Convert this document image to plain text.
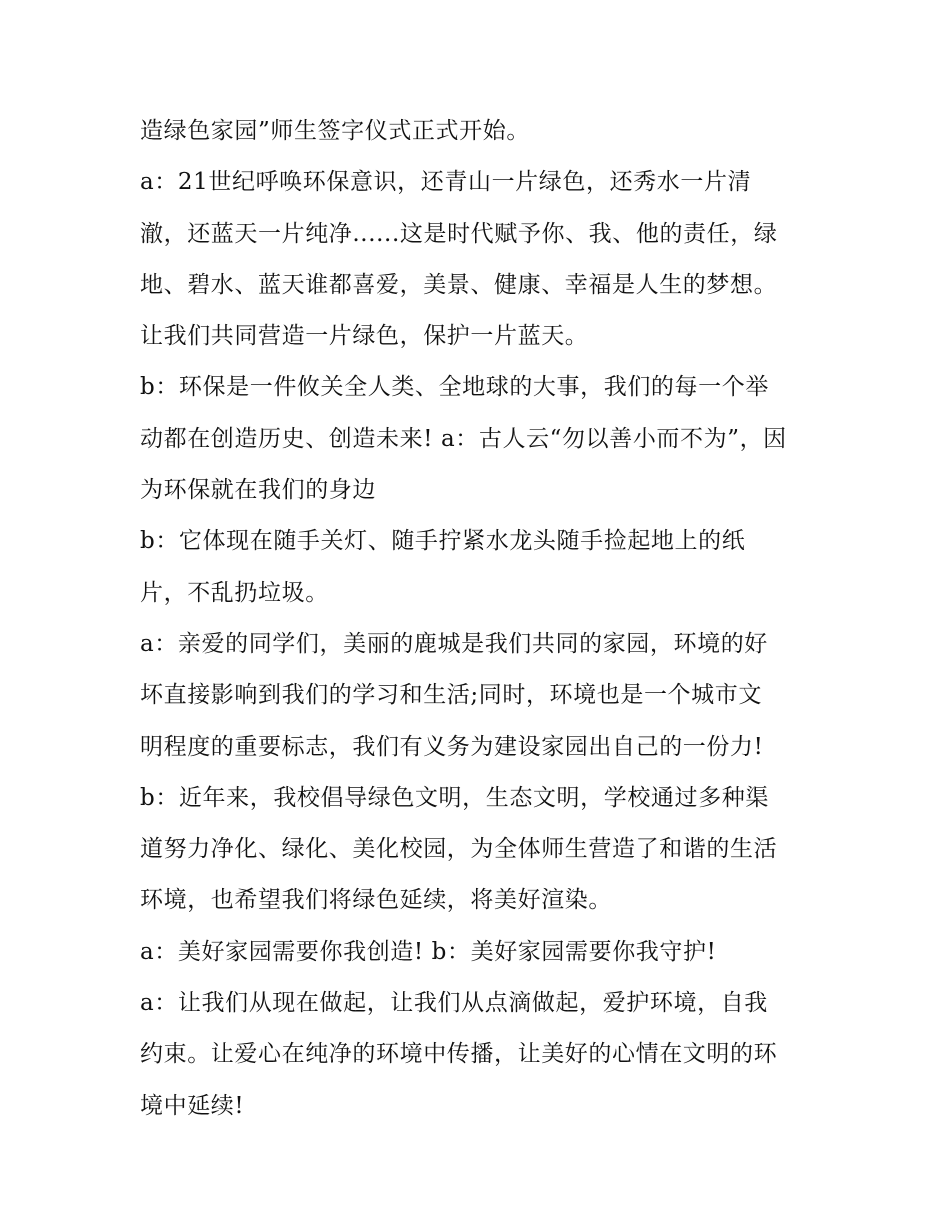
造绿色家园”师生签字仪式正式开始。
a：21世纪呼唤环保意识，还青山一片绿色，还秀水一片清
澈，还蓝天一片纯净......这是时代赋予你、我、他的责任，绿
地、碧水、蓝天谁都喜爱，美景、健康、幸福是人生的梦想。
让我们共同营造一片绿色，保护一片蓝天。
b：环保是一件攸关全人类、全地球的大事，我们的每一个举
动都在创造历史、创造未来! a：古人云“勿以善小而不为”，因
为环保就在我们的身边
b：它体现在随手关灯、随手拧紧水龙头随手捡起地上的纸
片，不乱扔垃圾。
a：亲爱的同学们，美丽的鹿城是我们共同的家园，环境的好
坏直接影响到我们的学习和生活;同时，环境也是一个城市文
明程度的重要标志，我们有义务为建设家园出自己的一份力!
b：近年来，我校倡导绿色文明，生态文明，学校通过多种渠
道努力净化、绿化、美化校园，为全体师生营造了和谐的生活
环境，也希望我们将绿色延续，将美好渲染。
a：美好家园需要你我创造! b：美好家园需要你我守护!
a：让我们从现在做起，让我们从点滴做起，爱护环境，自我
约束。让爱心在纯净的环境中传播，让美好的心情在文明的环
境中延续!
